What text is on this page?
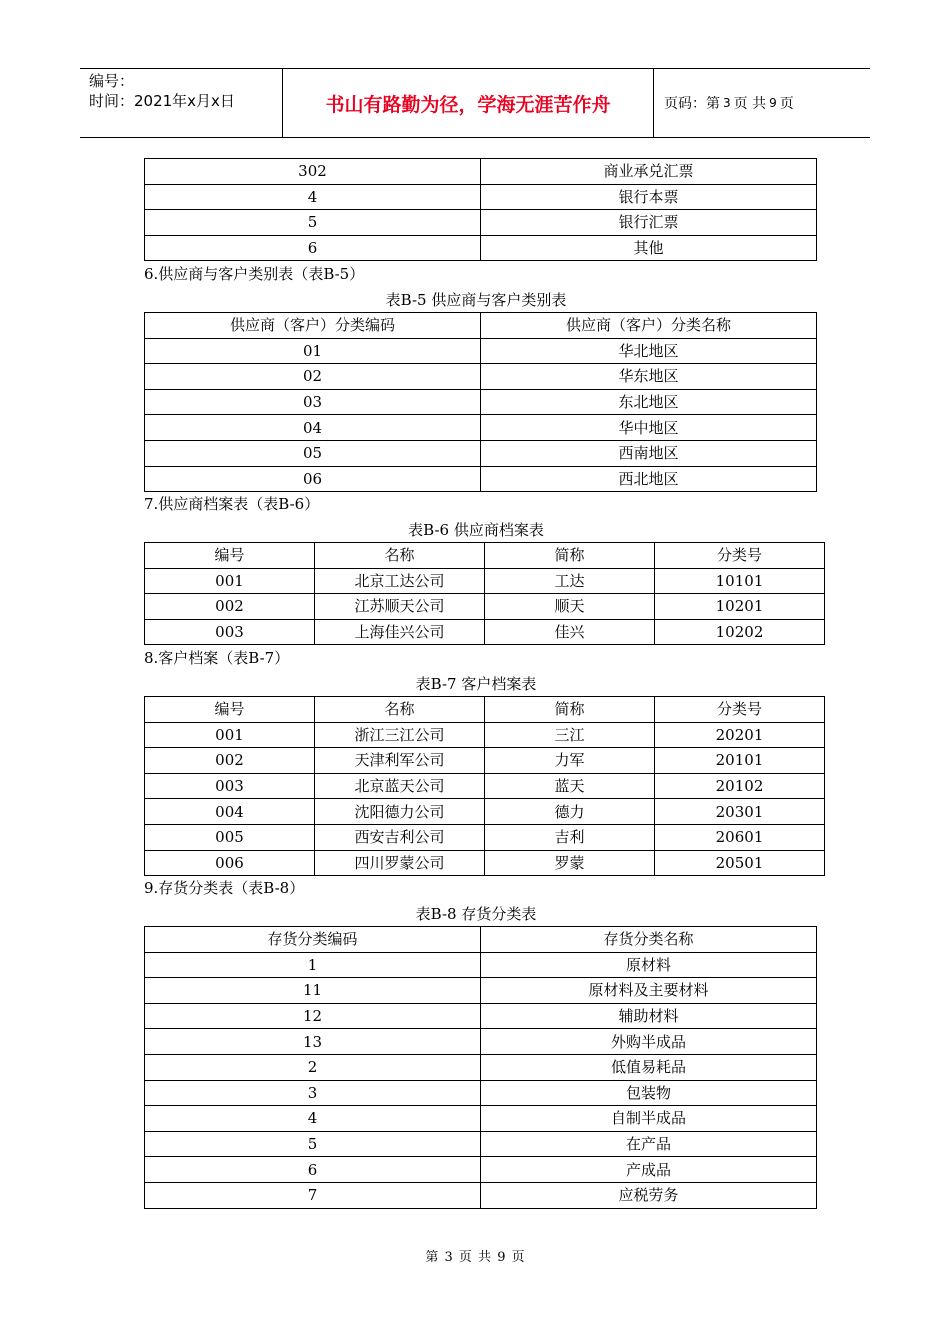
编号：
时间：2021年x月x日	书山有路勤为径，学海无涯苦作舟	页码：第 3 页 共 9 页
302	商业承兑汇票
4	银行本票
5	银行汇票
6	其他
6.供应商与客户类别表（表B-5）
表B-5 供应商与客户类别表
供应商（客户）分类编码	供应商（客户）分类名称
01	华北地区
02	华东地区
03	东北地区
04	华中地区
05	西南地区
06	西北地区
7.供应商档案表（表B-6）
表B-6 供应商档案表
编号	名称	简称	分类号
001	北京工达公司	工达	10101
002	江苏顺天公司	顺天	10201
003	上海佳兴公司	佳兴	10202
8.客户档案（表B-7）
表B-7 客户档案表
编号	名称	简称	分类号
001	浙江三江公司	三江	20201
002	天津利军公司	力军	20101
003	北京蓝天公司	蓝天	20102
004	沈阳德力公司	德力	20301
005	西安吉利公司	吉利	20601
006	四川罗蒙公司	罗蒙	20501
9.存货分类表（表B-8）
表B-8 存货分类表
存货分类编码	存货分类名称
1	原材料
11	原材料及主要材料
12	辅助材料
13	外购半成品
2	低值易耗品
3	包装物
4	自制半成品
5	在产品
6	产成品
7	应税劳务
第 3 页 共 9 页
